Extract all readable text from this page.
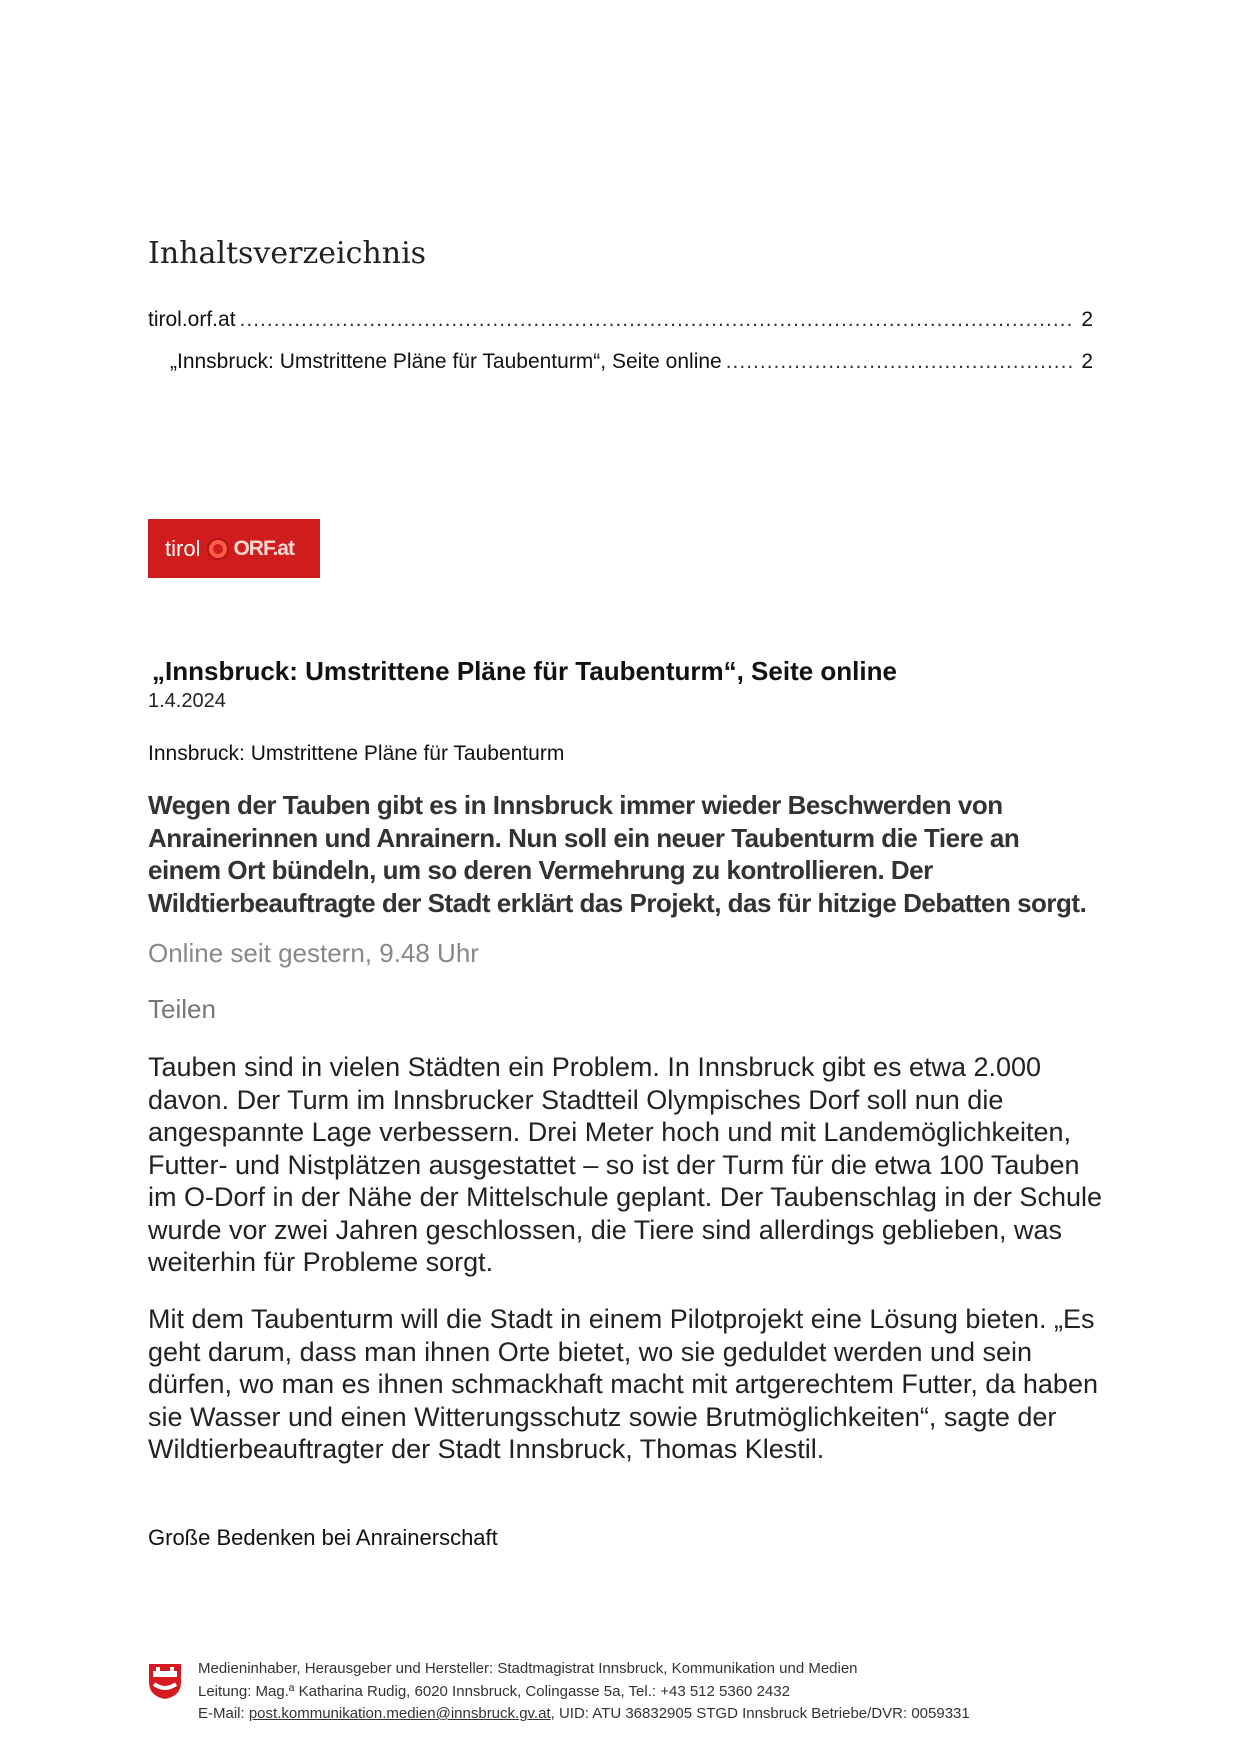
Inhaltsverzeichnis
tirol.orf.at .....	2
„Innsbruck: Umstrittene Pläne für Taubenturm“, Seite online .....	2
tirol ORF.at
„Innsbruck: Umstrittene Pläne für Taubenturm“, Seite online
1.4.2024
Innsbruck: Umstrittene Pläne für Taubenturm
Wegen der Tauben gibt es in Innsbruck immer wieder Beschwerden von Anrainerinnen und Anrainern. Nun soll ein neuer Taubenturm die Tiere an einem Ort bündeln, um so deren Vermehrung zu kontrollieren. Der Wildtierbeauftragte der Stadt erklärt das Projekt, das für hitzige Debatten sorgt.
Online seit gestern, 9.48 Uhr
Teilen
Tauben sind in vielen Städten ein Problem. In Innsbruck gibt es etwa 2.000 davon. Der Turm im Innsbrucker Stadtteil Olympisches Dorf soll nun die angespannte Lage verbessern. Drei Meter hoch und mit Landemöglichkeiten, Futter- und Nistplätzen ausgestattet – so ist der Turm für die etwa 100 Tauben im O-Dorf in der Nähe der Mittelschule geplant. Der Taubenschlag in der Schule wurde vor zwei Jahren geschlossen, die Tiere sind allerdings geblieben, was weiterhin für Probleme sorgt.
Mit dem Taubenturm will die Stadt in einem Pilotprojekt eine Lösung bieten. „Es geht darum, dass man ihnen Orte bietet, wo sie geduldet werden und sein dürfen, wo man es ihnen schmackhaft macht mit artgerechtem Futter, da haben sie Wasser und einen Witterungsschutz sowie Brutmöglichkeiten“, sagte der Wildtierbeauftragter der Stadt Innsbruck, Thomas Klestil.
Große Bedenken bei Anrainerschaft
Medieninhaber, Herausgeber und Hersteller: Stadtmagistrat Innsbruck, Kommunikation und Medien
Leitung: Mag.ª Katharina Rudig, 6020 Innsbruck, Colingasse 5a, Tel.: +43 512 5360 2432
E-Mail: post.kommunikation.medien@innsbruck.gv.at, UID: ATU 36832905 STGD Innsbruck Betriebe/DVR: 0059331
